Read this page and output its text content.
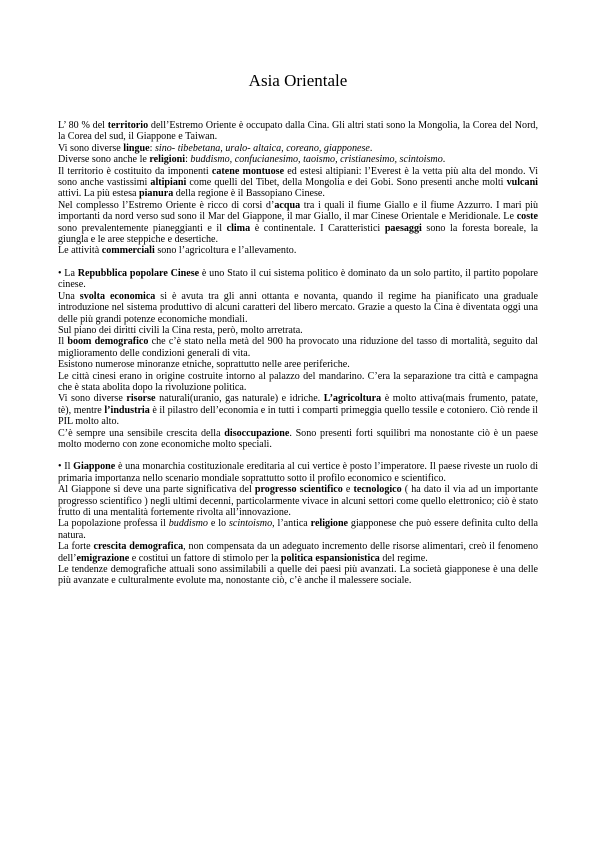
Asia Orientale

L’ 80 % del territorio dell’Estremo Oriente è occupato dalla Cina. Gli altri stati sono la Mongolia, la Corea del Nord, la Corea del sud, il Giappone e Taiwan.

Vi sono diverse lingue: sino- tibebetana, uralo- altaica, coreano, giapponese.

Diverse sono anche le religioni: buddismo, confucianesimo, taoismo, cristianesimo, scintoismo.

Il territorio è costituito da imponenti catene montuose ed estesi altipiani: l’Everest è la vetta più alta del mondo. Vi sono anche vastissimi altipiani come quelli del Tibet, della Mongolia e dei Gobi. Sono presenti anche molti vulcani attivi. La più estesa pianura della regione è il Bassopiano Cinese.

Nel complesso l’Estremo Oriente è ricco di corsi d’acqua tra i quali il fiume Giallo e il fiume Azzurro. I mari più importanti da nord verso sud sono il Mar del Giappone, il mar Giallo, il mar Cinese Orientale e Meridionale. Le coste sono prevalentemente pianeggianti e il clima è continentale. I Caratteristici paesaggi sono la foresta boreale, la giungla e le aree steppiche e desertiche.

Le attività commerciali sono l’agricoltura e l’allevamento.

• La Repubblica popolare Cinese è uno Stato il cui sistema politico è dominato da un solo partito, il partito popolare cinese.

Una svolta economica si è avuta tra gli anni ottanta e novanta, quando il regime ha pianificato una graduale introduzione nel sistema produttivo di alcuni caratteri del libero mercato. Grazie a questo la Cina è diventata oggi una delle più grandi potenze economiche mondiali.

Sul piano dei diritti civili la Cina resta, però, molto arretrata.

Il boom demografico che c’è stato nella metà del 900 ha provocato una riduzione del tasso di mortalità, seguito dal miglioramento delle condizioni generali di vita.

Esistono numerose minoranze etniche, soprattutto nelle aree periferiche.

Le città cinesi erano in origine costruite intorno al palazzo del mandarino. C’era la separazione tra città e campagna che è stata abolita dopo la rivoluzione politica.

Vi sono diverse risorse naturali(uranio, gas naturale) e idriche. L’agricoltura è molto attiva(mais frumento, patate, tè), mentre l’industria è il pilastro dell’economia e in tutti i comparti primeggia quello tessile e cotoniero. Ciò rende il PIL molto alto.

C’è sempre una sensibile crescita della disoccupazione. Sono presenti forti squilibri ma nonostante ciò è un paese molto moderno con zone economiche molto speciali.

• Il Giappone è una monarchia costituzionale ereditaria al cui vertice è posto l’imperatore. Il paese riveste un ruolo di primaria importanza nello scenario mondiale soprattutto sotto il profilo economico e scientifico.

Al Giappone si deve una parte significativa del progresso scientifico e tecnologico ( ha dato il via ad un importante progresso scientifico ) negli ultimi decenni, particolarmente vivace in alcuni settori come quello elettronico; ciò è stato frutto di una mentalità fortemente rivolta all’innovazione.

La popolazione professa il buddismo e lo scintoismo, l’antica religione giapponese che può essere definita culto della natura.

La forte crescita demografica, non compensata da un adeguato incremento delle risorse alimentari, creò il fenomeno dell’emigrazione e costitui un fattore di stimolo per la politica espansionistica del regime.

Le tendenze demografiche attuali sono assimilabili a quelle dei paesi più avanzati. La società giapponese è una delle più avanzate e culturalmente evolute ma, nonostante ciò, c’è anche il malessere sociale.
